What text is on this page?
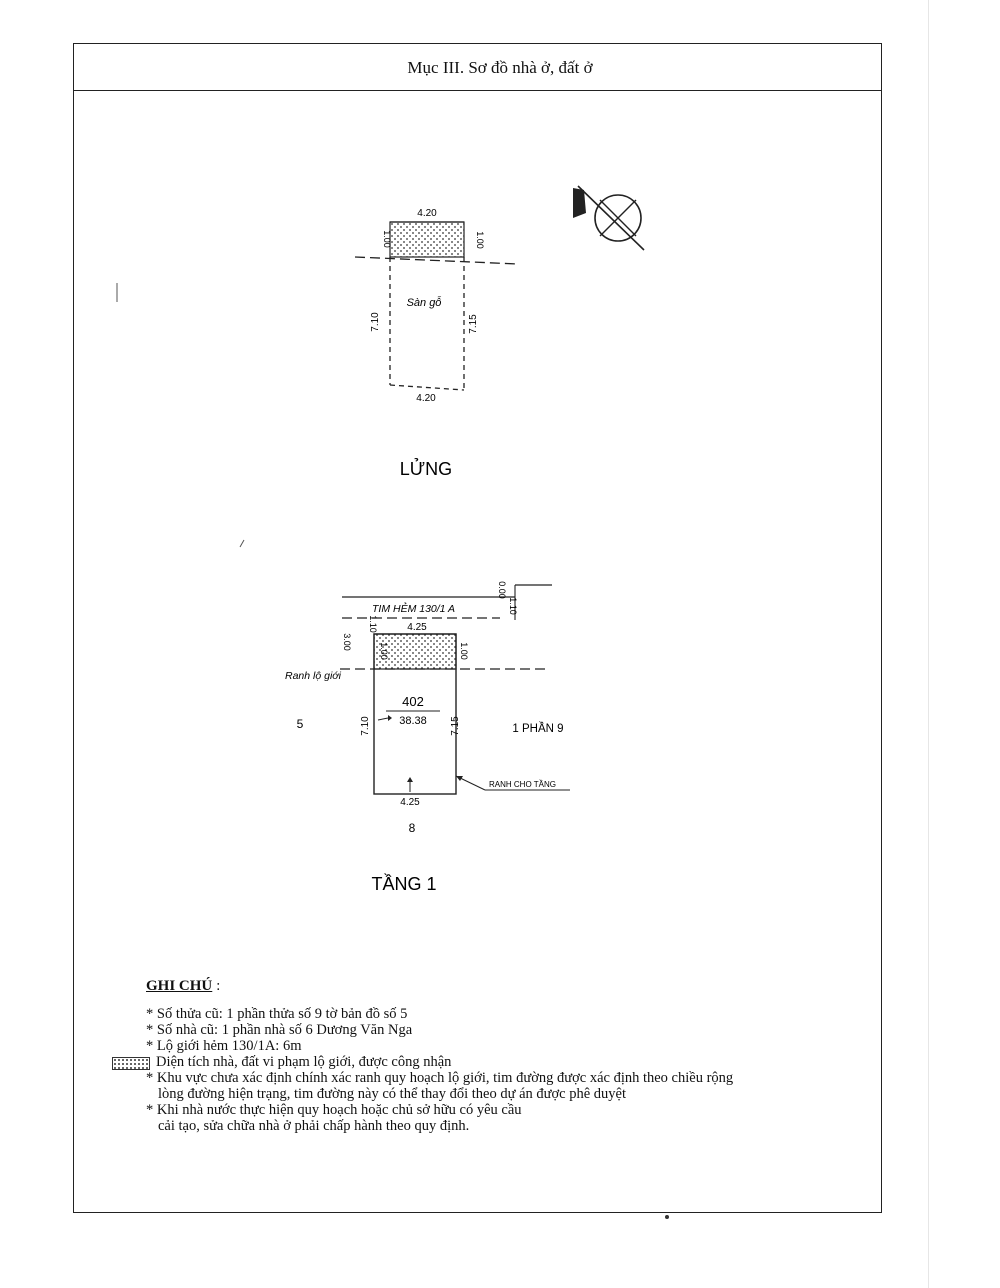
Mục III. Sơ đồ nhà ở, đất ở
4.20
4.20
1.00	1.00
7.10	7.15
Sàn gỗ
LỬNG
TIM HẺM 130/1 A
Ranh lộ giới
4.25
4.25
0.00
1.10
1.10
3.00
1.00	1.00
7.10	7.15
402
38.38
5	1 PHẦN 9
8
RANH CHO TẦNG
TẦNG 1
GHI CHÚ :
* Số thửa cũ: 1 phần thửa số 9 tờ bản đồ số 5
* Số nhà cũ: 1 phần nhà số 6 Dương Văn Nga
* Lộ giới hẻm 130/1A: 6m
* Khu vực chưa xác định chính xác ranh quy hoạch lộ giới, tim đường được xác định theo chiều rộng
lòng đường hiện trạng, tim đường này có thể thay đổi theo dự án được phê duyệt
* Khi nhà nước thực hiện quy hoạch hoặc chủ sở hữu có yêu cầu
cải tạo, sửa chữa nhà ở phải chấp hành theo quy định.
Diện tích nhà, đất vi phạm lộ giới, được công nhận
